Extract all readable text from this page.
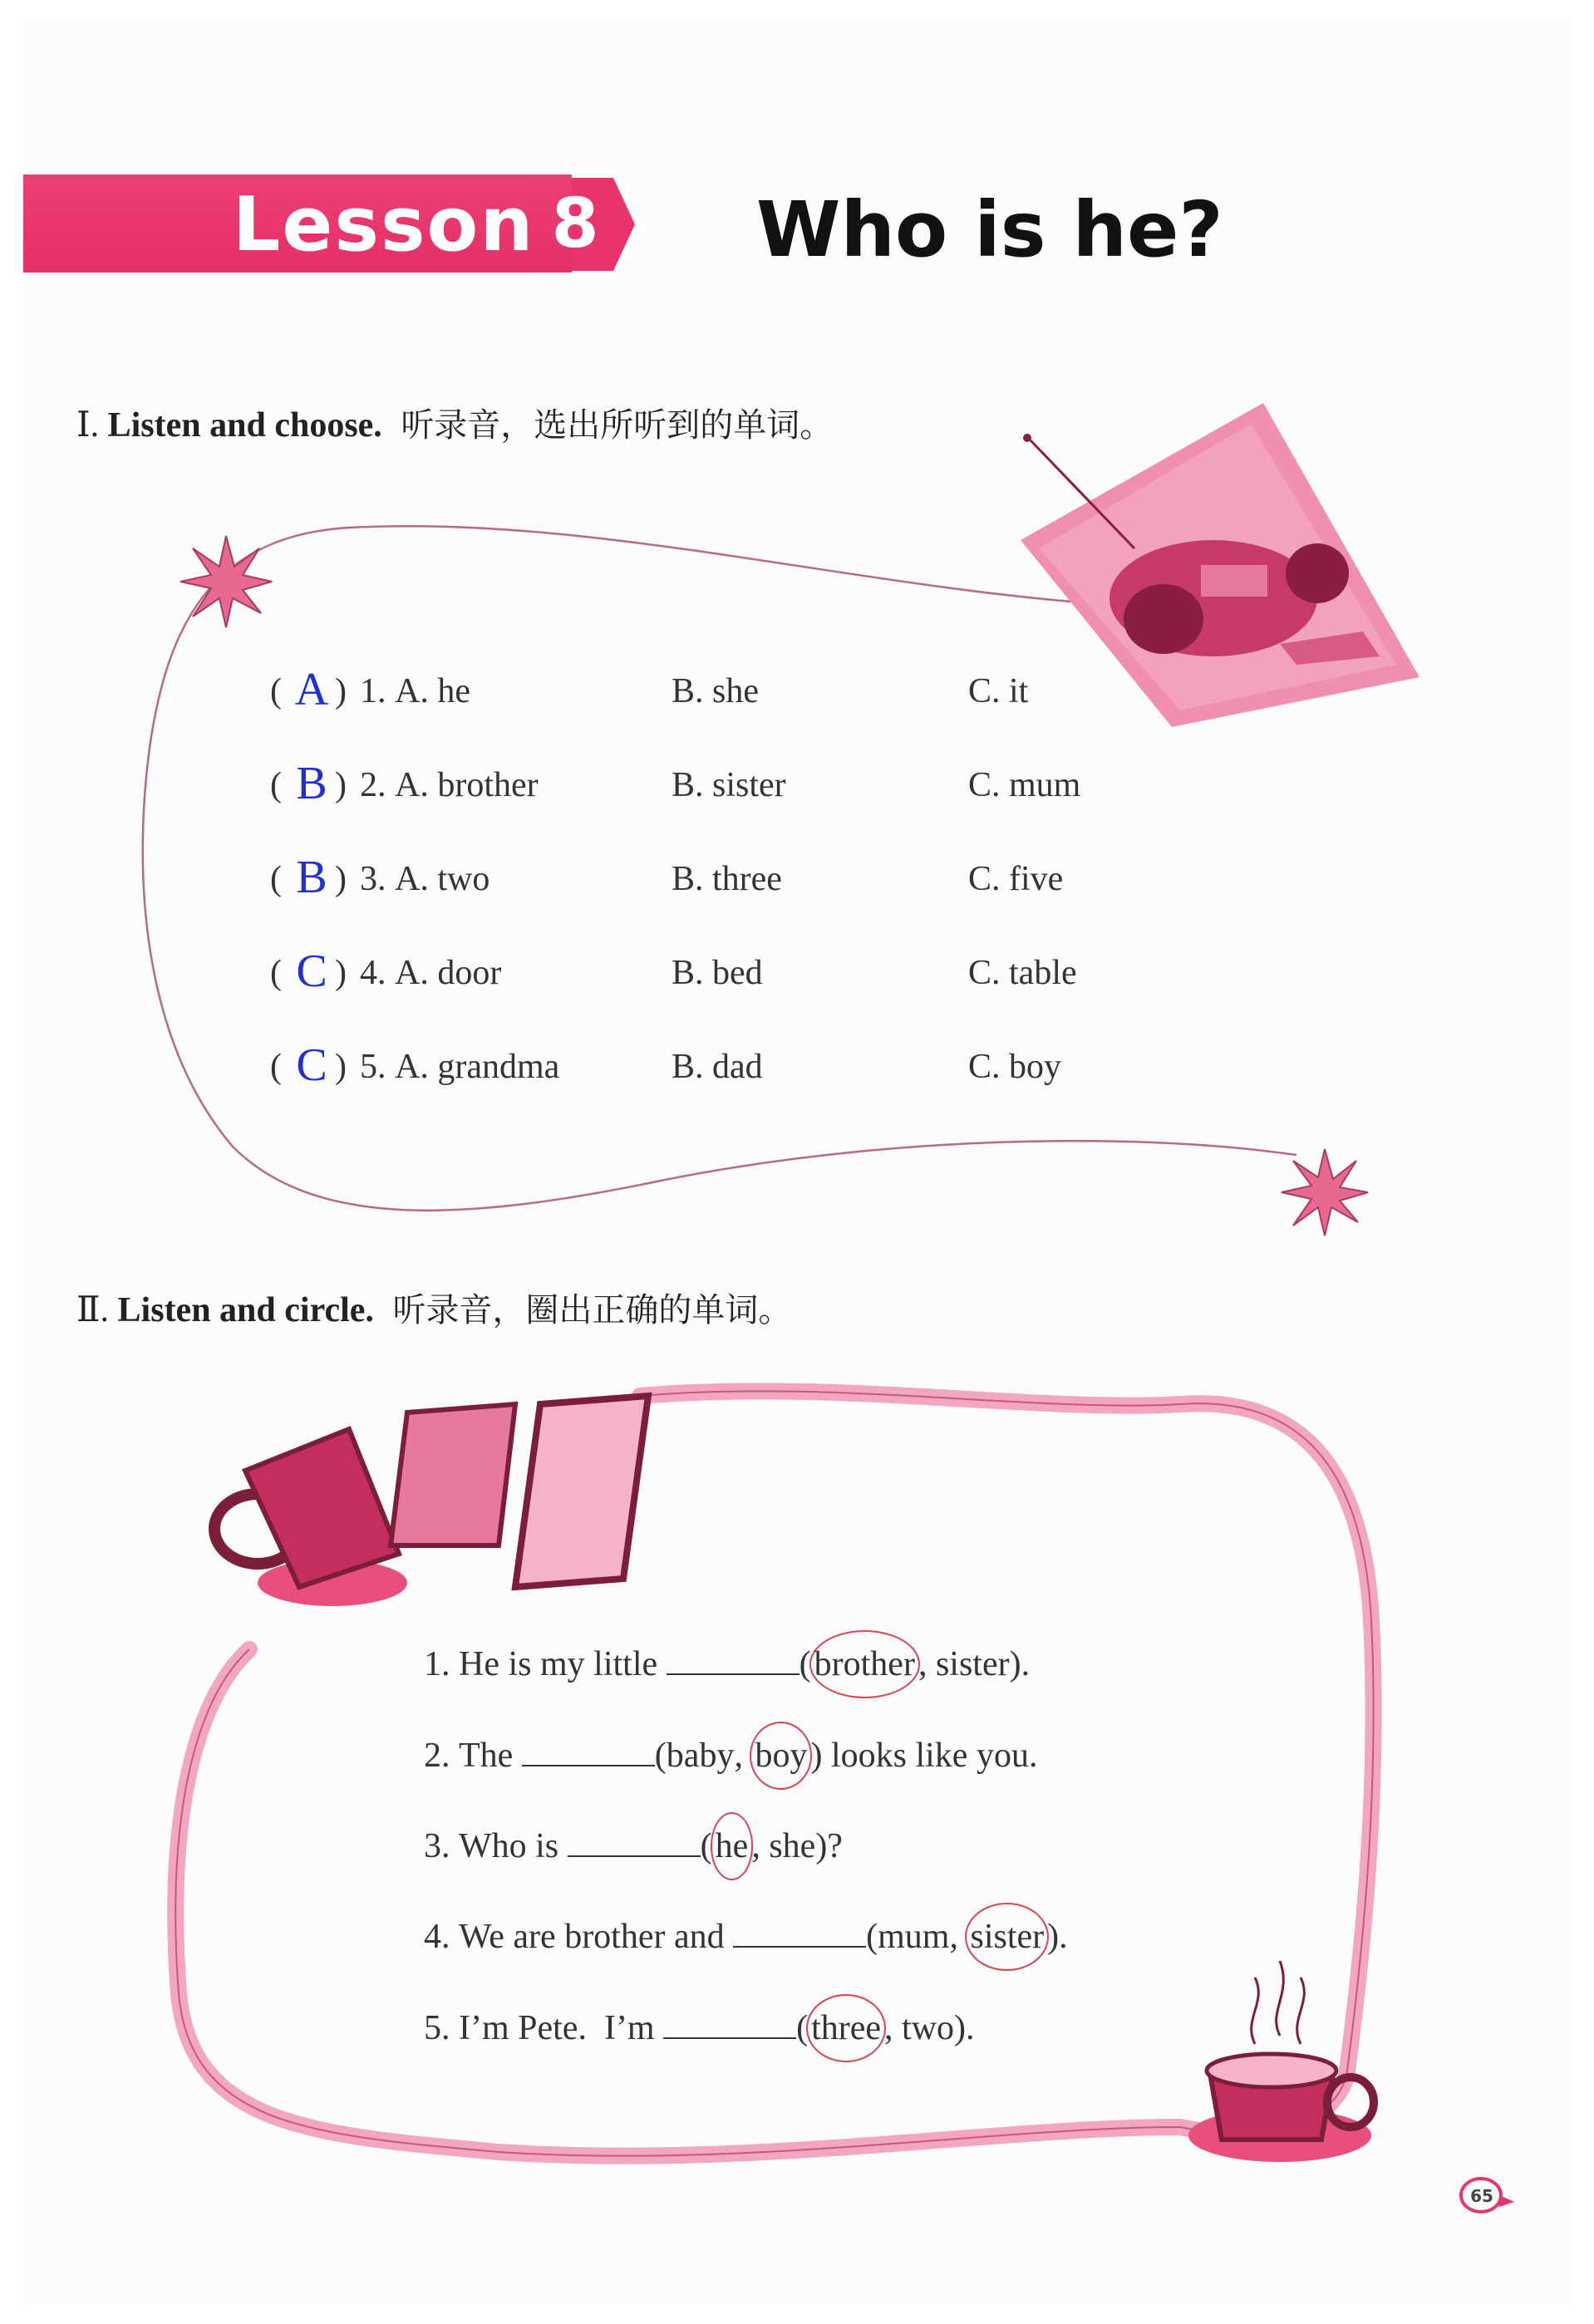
Lesson 8	Who is he?
Ⅰ. Listen and choose. 听录音，选出所听到的单词。
( A ) 1. A. he	B. she	C. it
( B ) 2. A. brother	B. sister	C. mum
( B ) 3. A. two	B. three	C. five
( C ) 4. A. door	B. bed	C. table
( C ) 5. A. grandma	B. dad	C. boy
Ⅱ. Listen and circle. 听录音，圈出正确的单词。
1. He is my little	(brother, sister).
2. The	(baby, boy) looks like you.
3. Who is	(he, she)?
4. We are brother and	(mum, sister).
5. I’m Pete.  I’m	(three, two).
65
